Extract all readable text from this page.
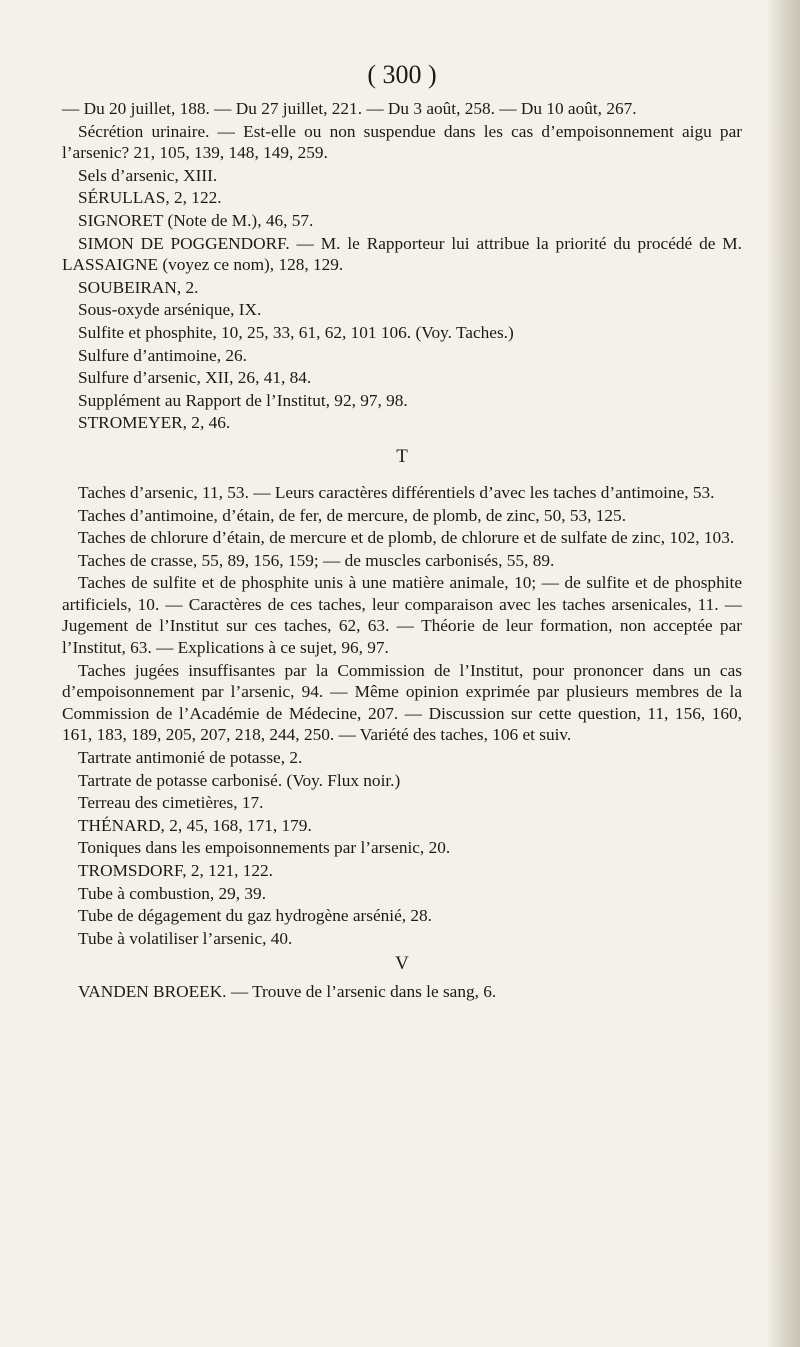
( 300 )

— Du 20 juillet, 188. — Du 27 juillet, 221. — Du 3 août, 258. — Du 10 août, 267.

Sécrétion urinaire. — Est-elle ou non suspendue dans les cas d’empoisonnement aigu par l’arsenic? 21, 105, 139, 148, 149, 259.

Sels d’arsenic, XIII.

SÉRULLAS, 2, 122.

SIGNORET (Note de M.), 46, 57.

SIMON DE POGGENDORF. — M. le Rapporteur lui attribue la priorité du procédé de M. LASSAIGNE (voyez ce nom), 128, 129.

SOUBEIRAN, 2.

Sous-oxyde arsénique, IX.

Sulfite et phosphite, 10, 25, 33, 61, 62, 101 106. (Voy. Taches.)

Sulfure d’antimoine, 26.

Sulfure d’arsenic, XII, 26, 41, 84.

Supplément au Rapport de l’Institut, 92, 97, 98.

STROMEYER, 2, 46.

T

Taches d’arsenic, 11, 53. — Leurs caractères différentiels d’avec les taches d’antimoine, 53.

Taches d’antimoine, d’étain, de fer, de mercure, de plomb, de zinc, 50, 53, 125.

Taches de chlorure d’étain, de mercure et de plomb, de chlorure et de sulfate de zinc, 102, 103.

Taches de crasse, 55, 89, 156, 159; — de muscles carbonisés, 55, 89.

Taches de sulfite et de phosphite unis à une matière animale, 10; — de sulfite et de phosphite artificiels, 10. — Caractères de ces taches, leur comparaison avec les taches arsenicales, 11. — Jugement de l’Institut sur ces taches, 62, 63. — Théorie de leur formation, non acceptée par l’Institut, 63. — Explications à ce sujet, 96, 97.

Taches jugées insuffisantes par la Commission de l’Institut, pour prononcer dans un cas d’empoisonnement par l’arsenic, 94. — Même opinion exprimée par plusieurs membres de la Commission de l’Académie de Médecine, 207. — Discussion sur cette question, 11, 156, 160, 161, 183, 189, 205, 207, 218, 244, 250. — Variété des taches, 106 et suiv.

Tartrate antimonié de potasse, 2.

Tartrate de potasse carbonisé. (Voy. Flux noir.)

Terreau des cimetières, 17.

THÉNARD, 2, 45, 168, 171, 179.

Toniques dans les empoisonnements par l’arsenic, 20.

TROMSDORF, 2, 121, 122.

Tube à combustion, 29, 39.

Tube de dégagement du gaz hydrogène arsénié, 28.

Tube à volatiliser l’arsenic, 40.

V

VANDEN BROEEK. — Trouve de l’arsenic dans le sang, 6.
